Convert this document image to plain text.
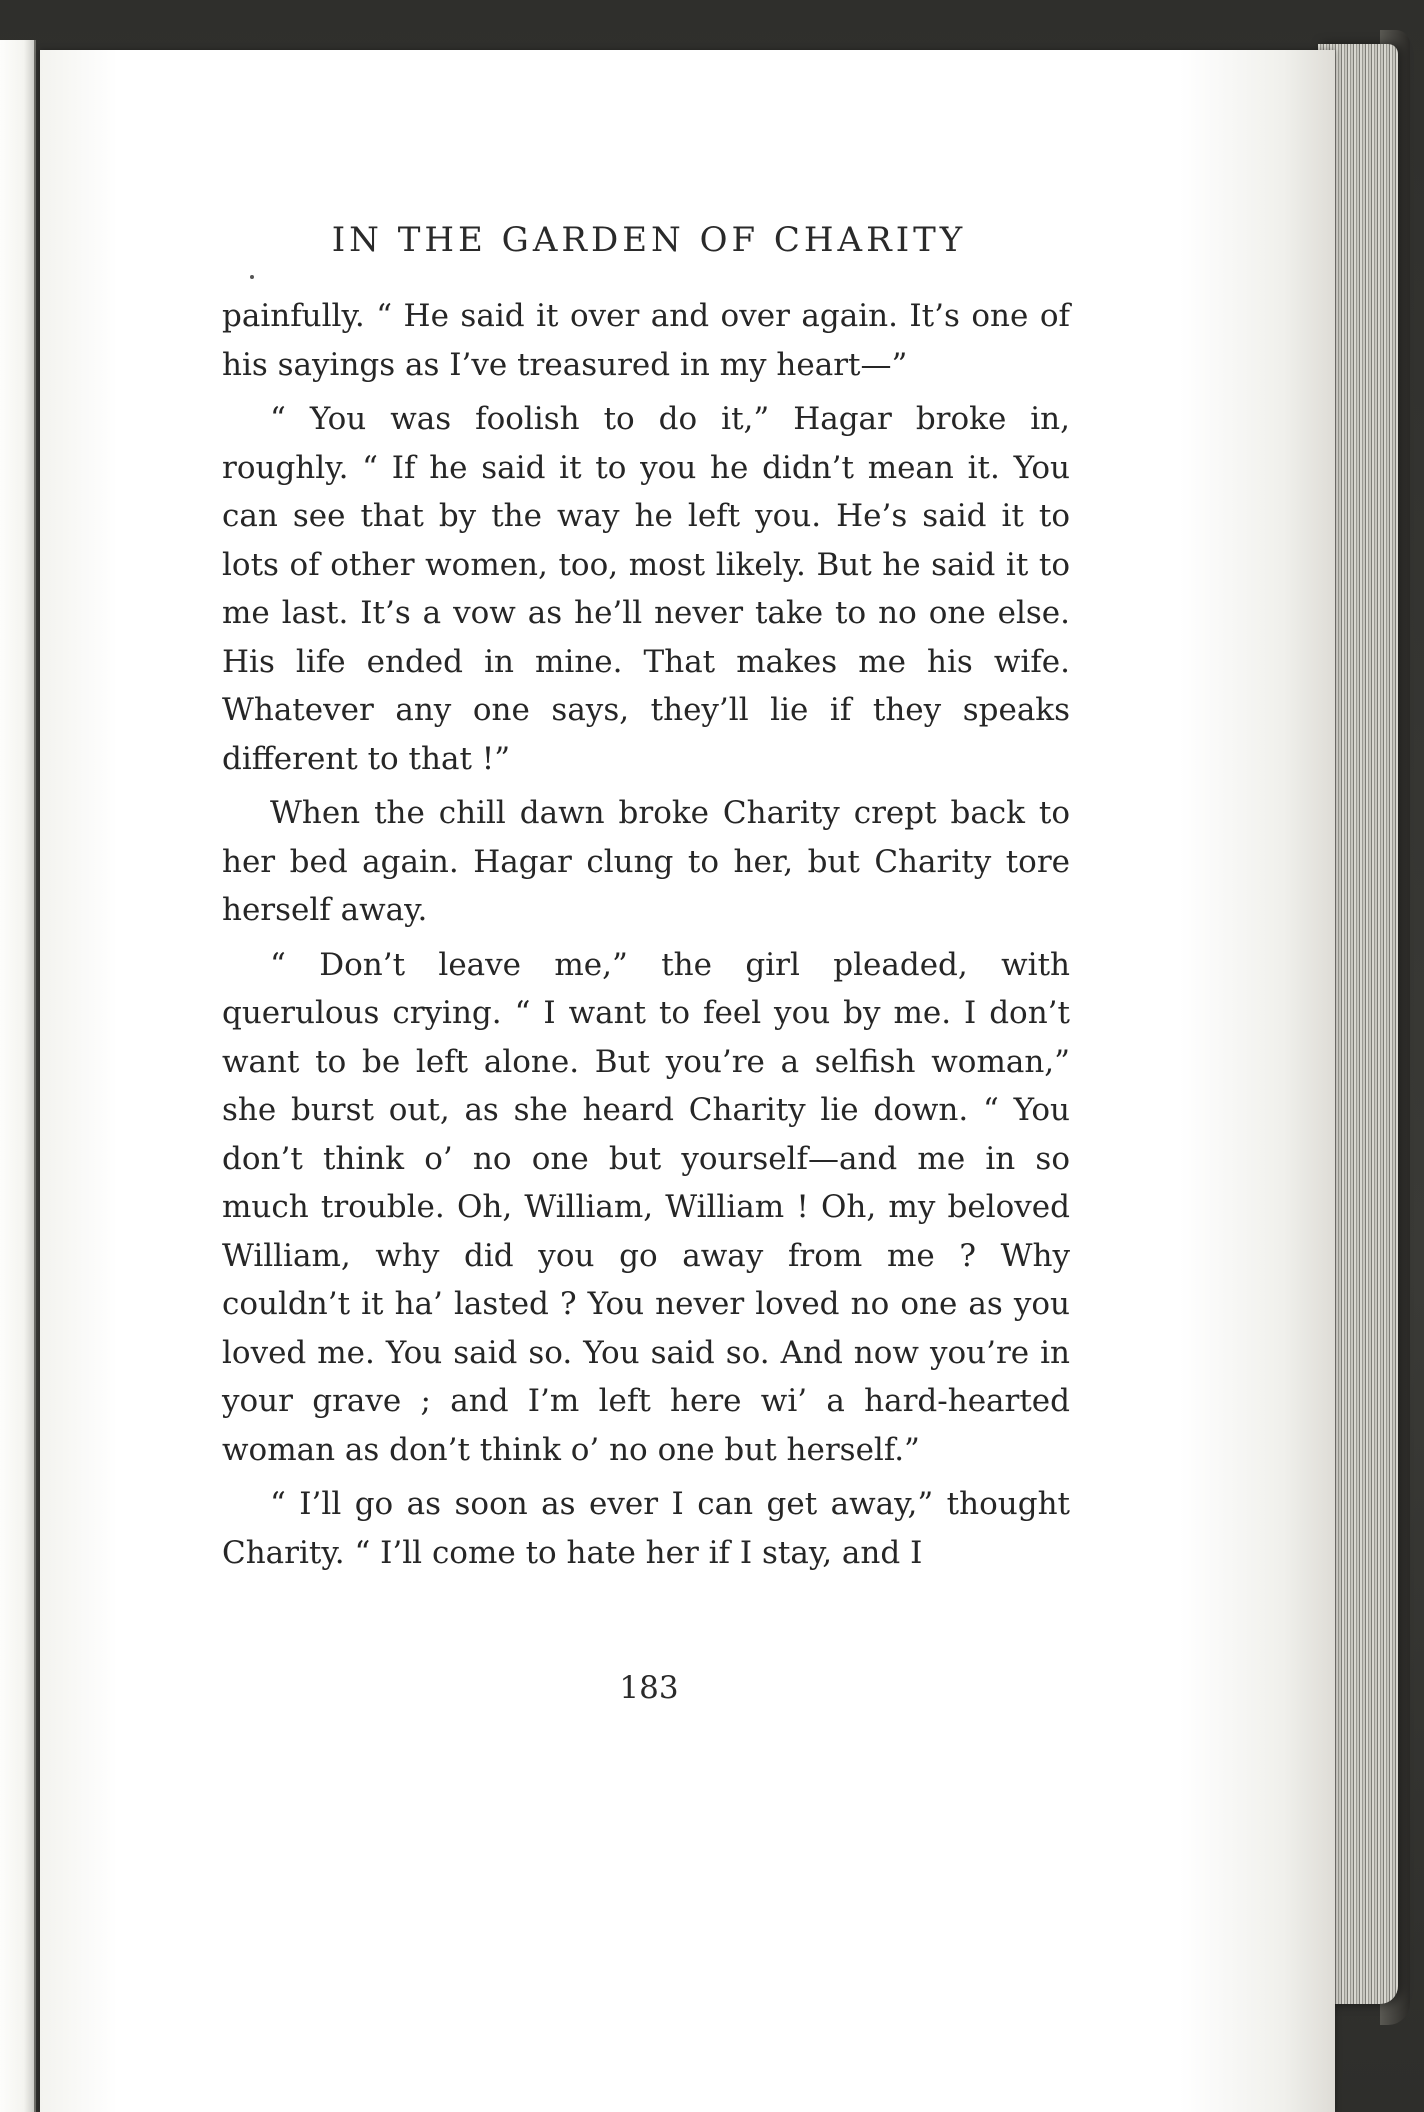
IN THE GARDEN OF CHARITY

painfully. “ He said it over and over again. It’s one of his sayings as I’ve treasured in my heart—”

“ You was foolish to do it,” Hagar broke in, roughly. “ If he said it to you he didn’t mean it. You can see that by the way he left you. He’s said it to lots of other women, too, most likely. But he said it to me last. It’s a vow as he’ll never take to no one else. His life ended in mine. That makes me his wife. Whatever any one says, they’ll lie if they speaks different to that !”

When the chill dawn broke Charity crept back to her bed again. Hagar clung to her, but Charity tore herself away.

“ Don’t leave me,” the girl pleaded, with querulous crying. “ I want to feel you by me. I don’t want to be left alone. But you’re a selfish woman,” she burst out, as she heard Charity lie down. “ You don’t think o’ no one but yourself—and me in so much trouble. Oh, William, William ! Oh, my beloved William, why did you go away from me ? Why couldn’t it ha’ lasted ? You never loved no one as you loved me. You said so. You said so. And now you’re in your grave ; and I’m left here wi’ a hard-hearted woman as don’t think o’ no one but herself.”

“ I’ll go as soon as ever I can get away,” thought Charity. “ I’ll come to hate her if I stay, and I

183
